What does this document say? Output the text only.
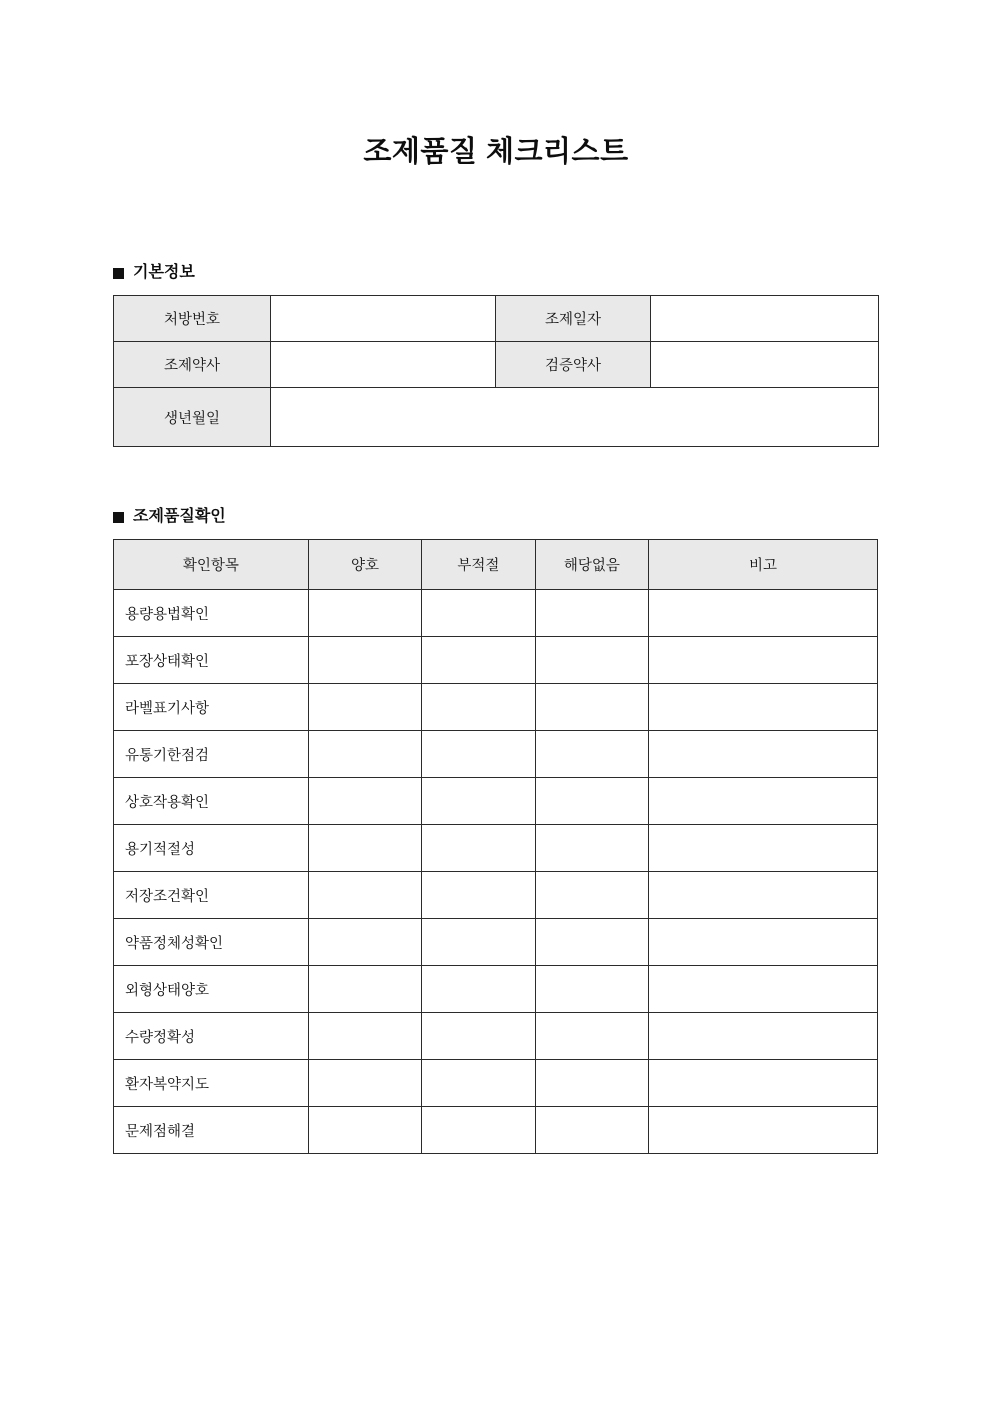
조제품질 체크리스트
기본정보
처방번호		조제일자	
조제약사		검증약사	
생년월일			
조제품질확인
확인항목	양호	부적절	해당없음	비고
용량용법확인				
포장상태확인				
라벨표기사항				
유통기한점검				
상호작용확인				
용기적절성				
저장조건확인				
약품정체성확인				
외형상태양호				
수량정확성				
환자복약지도				
문제점해결				
